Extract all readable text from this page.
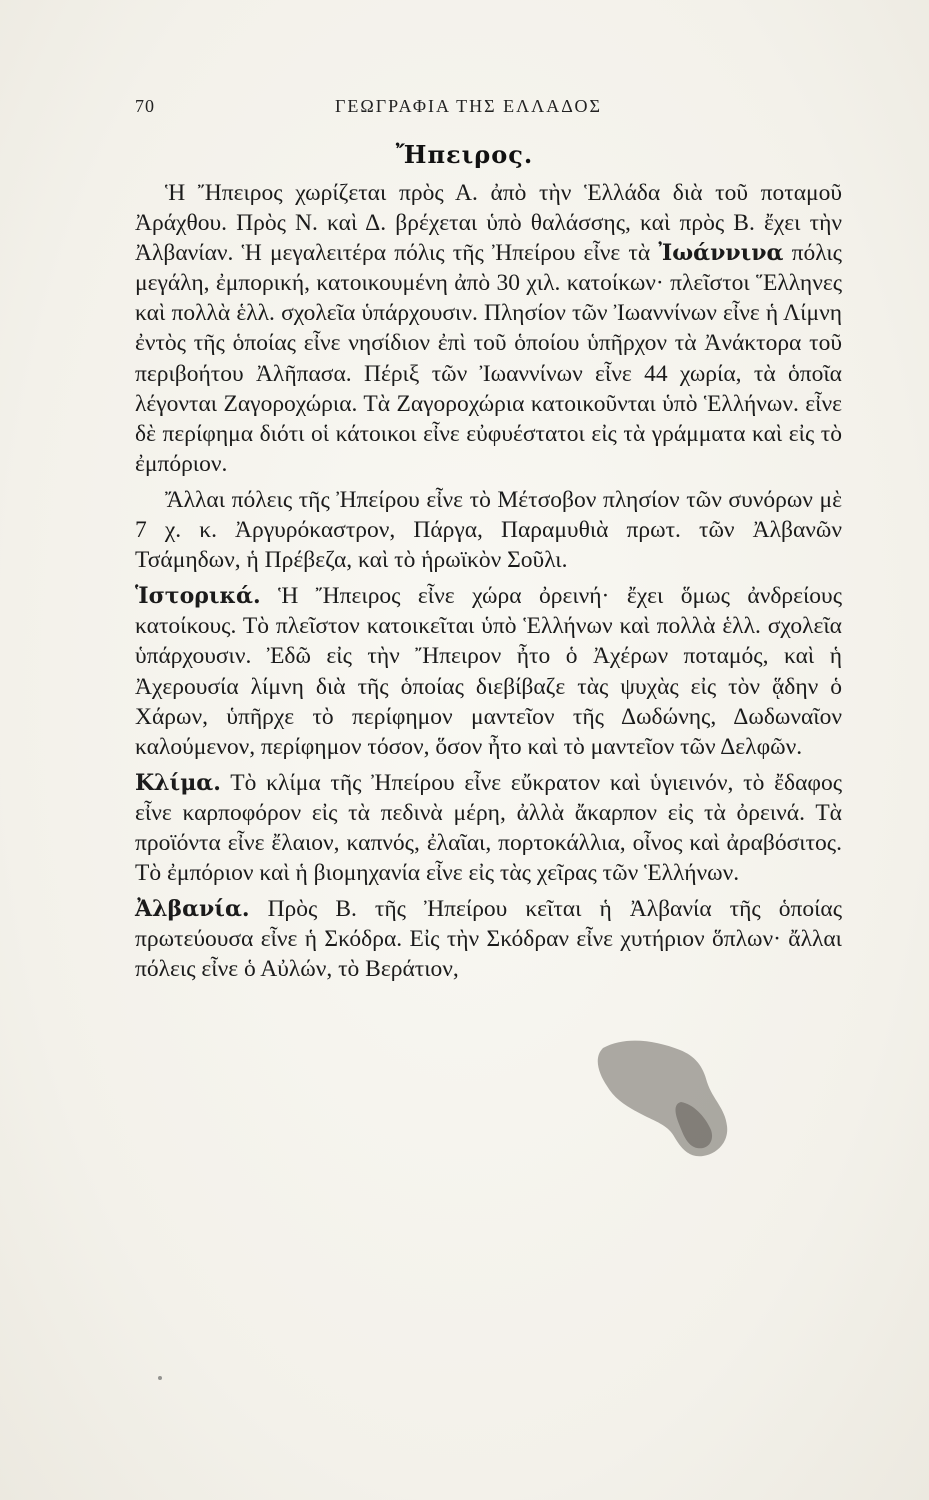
70	ΓΕΩΓΡΑΦΙΑ ΤΗΣ ΕΛΛΑΔΟΣ
Ἤπειρος.

Ἡ Ἤπειρος χωρίζεται πρὸς Α. ἀπὸ τὴν Ἑλλάδα διὰ τοῦ ποταμοῦ Ἀράχθου. Πρὸς Ν. καὶ Δ. βρέχεται ὑπὸ θαλάσσης, καὶ πρὸς Β. ἔχει τὴν Ἀλβανίαν. Ἡ μεγαλειτέρα πόλις τῆς Ἠπείρου εἶνε τὰ Ἰωάννινα πόλις μεγάλη, ἐμπορική, κατοικουμένη ἀπὸ 30 χιλ. κατοίκων· πλεῖστοι Ἕλληνες καὶ πολλὰ ἑλλ. σχολεῖα ὑπάρχουσιν. Πλησίον τῶν Ἰωαννίνων εἶνε ἡ Λίμνη ἐντὸς τῆς ὁποίας εἶνε νησίδιον ἐπὶ τοῦ ὁποίου ὑπῆρχον τὰ Ἀνάκτορα τοῦ περιβοήτου Ἀλῆπασα. Πέριξ τῶν Ἰωαννίνων εἶνε 44 χωρία, τὰ ὁποῖα λέγονται Ζαγοροχώρια. Τὰ Ζαγοροχώρια κατοικοῦνται ὑπὸ Ἑλλήνων. εἶνε δὲ περίφημα διότι οἱ κάτοικοι εἶνε εὐφυέστατοι εἰς τὰ γράμματα καὶ εἰς τὸ ἐμπόριον.

Ἄλλαι πόλεις τῆς Ἠπείρου εἶνε τὸ Μέτσοβον πλησίον τῶν συνόρων μὲ 7 χ. κ. Ἀργυρόκαστρον, Πάργα, Παραμυθιὰ πρωτ. τῶν Ἀλβανῶν Τσάμηδων, ἡ Πρέβεζα, καὶ τὸ ἡρωϊκὸν Σοῦλι.

Ἱστορικά. Ἡ Ἤπειρος εἶνε χώρα ὀρεινή· ἔχει ὅμως ἀνδρείους κατοίκους. Τὸ πλεῖστον κατοικεῖται ὑπὸ Ἑλλήνων καὶ πολλὰ ἑλλ. σχολεῖα ὑπάρχουσιν. Ἐδῶ εἰς τὴν Ἤπειρον ἦτο ὁ Ἀχέρων ποταμός, καὶ ἡ Ἀχερουσία λίμνη διὰ τῆς ὁποίας διεβίβαζε τὰς ψυχὰς εἰς τὸν ᾅδην ὁ Χάρων, ὑπῆρχε τὸ περίφημον μαντεῖον τῆς Δωδώνης, Δωδωναῖον καλούμενον, περίφημον τόσον, ὅσον ἦτο καὶ τὸ μαντεῖον τῶν Δελφῶν.

Κλίμα. Τὸ κλίμα τῆς Ἠπείρου εἶνε εὔκρατον καὶ ὑγιεινόν, τὸ ἔδαφος εἶνε καρποφόρον εἰς τὰ πεδινὰ μέρη, ἀλλὰ ἄκαρπον εἰς τὰ ὀρεινά. Τὰ προϊόντα εἶνε ἔλαιον, καπνός, ἐλαῖαι, πορτοκάλλια, οἶνος καὶ ἀραβόσιτος. Τὸ ἐμπόριον καὶ ἡ βιομηχανία εἶνε εἰς τὰς χεῖρας τῶν Ἑλλήνων.

Ἀλβανία. Πρὸς Β. τῆς Ἠπείρου κεῖται ἡ Ἀλβανία τῆς ὁποίας πρωτεύουσα εἶνε ἡ Σκόδρα. Εἰς τὴν Σκόδραν εἶνε χυτήριον ὅπλων· ἄλλαι πόλεις εἶνε ὁ Αὐλών, τὸ Βεράτιον,
